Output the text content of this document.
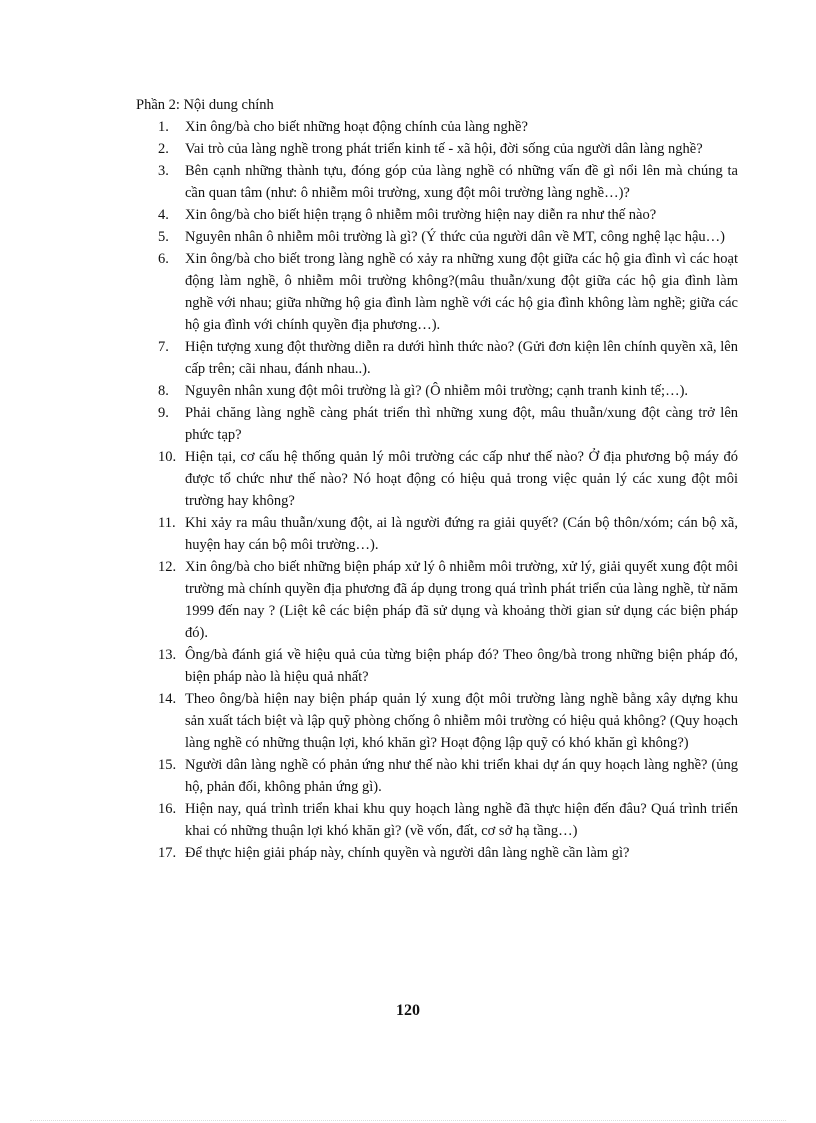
Phần 2: Nội dung chính
1.	Xin ông/bà cho biết những hoạt động chính của làng nghề?
2.	Vai trò của làng nghề trong phát triển kinh tế - xã hội, đời sống của người dân làng nghề?
3.	Bên cạnh những thành tựu, đóng góp của làng nghề có những vấn đề gì nổi lên mà chúng ta cần quan tâm (như: ô nhiễm môi trường, xung đột môi trường làng nghề…)?
4.	Xin ông/bà cho biết hiện trạng ô nhiễm môi trường hiện nay diễn ra như thế nào?
5.	Nguyên nhân ô nhiễm môi trường là gì? (Ý thức của người dân về MT, công nghệ lạc hậu…)
6.	Xin ông/bà cho biết trong làng nghề có xảy ra những xung đột giữa các hộ gia đình vì các hoạt động làm nghề, ô nhiễm môi trường không?(mâu thuẫn/xung đột giữa các hộ gia đình làm nghề với nhau; giữa những hộ gia đình làm nghề với các hộ gia đình không làm nghề; giữa các hộ gia đình với chính quyền địa phương…).
7.	Hiện tượng xung đột thường diễn ra dưới hình thức nào? (Gửi đơn kiện lên chính quyền xã, lên cấp trên; cãi nhau, đánh nhau..).
8.	Nguyên nhân xung đột môi trường là gì? (Ô nhiễm môi trường; cạnh tranh kinh tế;…).
9.	Phải chăng làng nghề càng phát triển thì những xung đột, mâu thuẫn/xung đột càng trở lên phức tạp?
10. Hiện tại, cơ cấu hệ thống quản lý môi trường các cấp như thế nào? Ở địa phương bộ máy đó được tổ chức như thế nào? Nó hoạt động có hiệu quả trong việc quản lý các xung đột môi trường hay không?
11. Khi xảy ra mâu thuẫn/xung đột, ai là người đứng ra giải quyết? (Cán bộ thôn/xóm; cán bộ xã, huyện hay cán bộ môi trường…).
12. Xin ông/bà cho biết những biện pháp xử lý ô nhiễm môi trường, xử lý, giải quyết xung đột môi trường mà chính quyền địa phương đã áp dụng trong quá trình phát triển của làng nghề, từ năm 1999 đến nay ? (Liệt kê các biện pháp đã sử dụng và khoảng thời gian sử dụng các biện pháp đó).
13. Ông/bà đánh giá về hiệu quả của từng biện pháp đó? Theo ông/bà trong những biện pháp đó, biện pháp nào là hiệu quả nhất?
14. Theo ông/bà hiện nay biện pháp quản lý xung đột môi trường làng nghề bằng xây dựng khu sản xuất tách biệt và lập quỹ phòng chống ô nhiễm môi trường có hiệu quả không? (Quy hoạch làng nghề có những thuận lợi, khó khăn gì? Hoạt động lập quỹ có khó khăn gì không?)
15. Người dân làng nghề có phản ứng như thế nào khi triển khai dự án quy hoạch làng nghề? (ủng hộ, phản đối, không phản ứng gì).
16. Hiện nay, quá trình triển khai khu quy hoạch làng nghề đã thực hiện đến đâu? Quá trình triển khai có những thuận lợi khó khăn gì? (về vốn, đất, cơ sở hạ tầng…)
17. Để thực hiện giải pháp này, chính quyền và người dân làng nghề cần làm gì?
120
